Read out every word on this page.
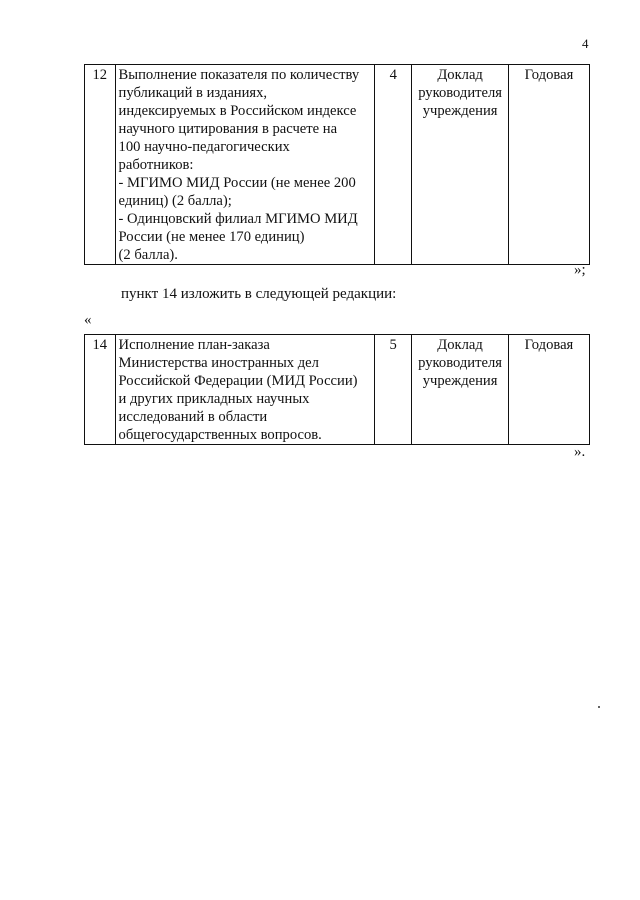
4
12	Выполнение показателя по количеству
публикаций в изданиях,
индексируемых в Российском индексе
научного цитирования в расчете на
100 научно-педагогических
работников:
- МГИМО МИД России (не менее 200
единиц) (2 балла);
- Одинцовский филиал МГИМО МИД
России (не менее 170 единиц)
(2 балла).
	4	Доклад
руководителя
учреждения
	Годовая
»;
пункт 14 изложить в следующей редакции:
«
14	Исполнение план-заказа
Министерства иностранных дел
Российской Федерации (МИД России)
и других прикладных научных
исследований в области
общегосударственных вопросов.
	5	Доклад
руководителя
учреждения
	Годовая
».
